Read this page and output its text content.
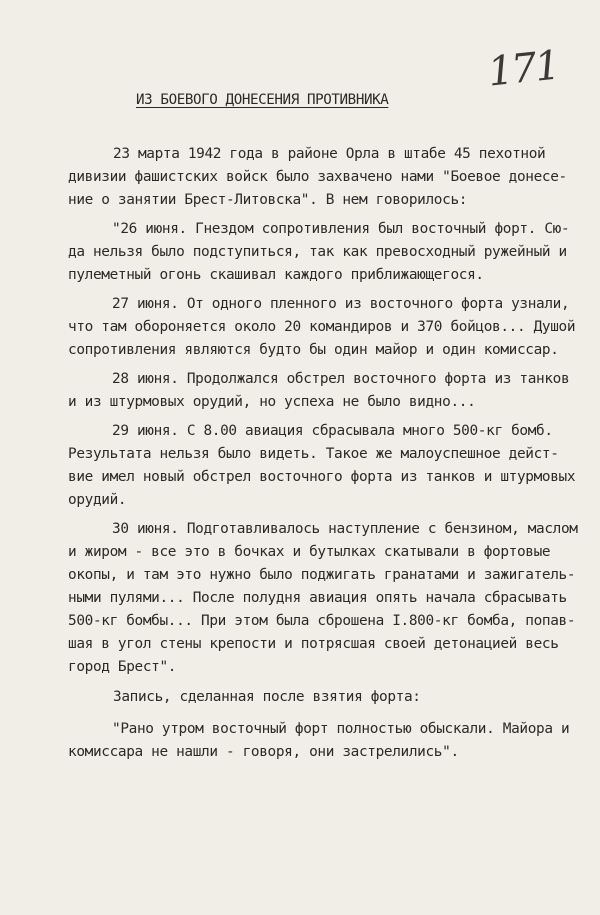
171
ИЗ БОЕВОГО ДОНЕСЕНИЯ ПРОТИВНИКА
23 марта 1942 года в районе Орла в штабе 45 пехотной
дивизии фашистских войск было захвачено нами "Боевое донесе-
ние о занятии Брест-Литовска". В нем говорилось:
"26 июня. Гнездом сопротивления был восточный форт. Сю-
да нельзя было подступиться, так как превосходный ружейный и
пулеметный огонь скашивал каждого приближающегося.
27 июня. От одного пленного из восточного форта узнали,
что там обороняется около 20 командиров и 370 бойцов... Душой
сопротивления являются будто бы один майор и один комиссар.
28 июня. Продолжался обстрел восточного форта из танков
и из штурмовых орудий, но успеха не было видно...
29 июня. С 8.00 авиация сбрасывала много 500-кг бомб.
Результата нельзя было видеть. Такое же малоуспешное дейст-
вие имел новый обстрел восточного форта из танков и штурмовых
орудий.
30 июня. Подготавливалось наступление с бензином, маслом
и жиром - все это в бочках и бутылках скатывали в фортовые
окопы, и там это нужно было поджигать гранатами и зажигатель-
ными пулями... После полудня авиация опять начала сбрасывать
500-кг бомбы... При этом была сброшена I.800-кг бомба, попав-
шая в угол стены крепости и потрясшая своей детонацией весь
город Брест".
Запись, сделанная после взятия форта:
"Рано утром восточный форт полностью обыскали. Майора и
комиссара не нашли - говоря, они застрелились".
